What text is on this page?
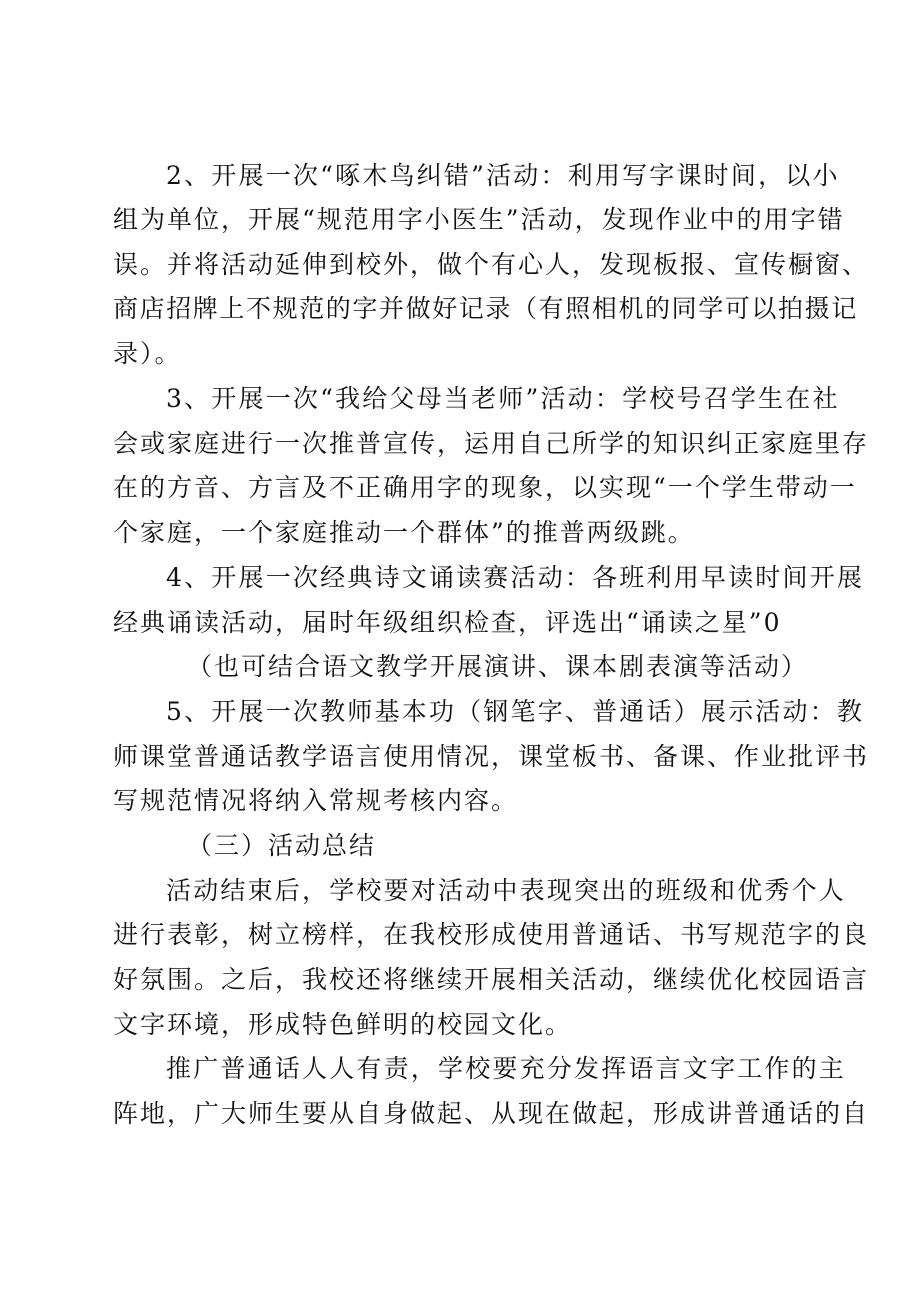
2、开展一次“啄木鸟纠错”活动：利用写字课时间，以小
组为单位，开展“规范用字小医生”活动，发现作业中的用字错
误。并将活动延伸到校外，做个有心人，发现板报、宣传橱窗、
商店招牌上不规范的字并做好记录（有照相机的同学可以拍摄记
录）。
3、开展一次“我给父母当老师”活动：学校号召学生在社
会或家庭进行一次推普宣传，运用自己所学的知识纠正家庭里存
在的方音、方言及不正确用字的现象，以实现“一个学生带动一
个家庭，一个家庭推动一个群体”的推普两级跳。
4、开展一次经典诗文诵读赛活动：各班利用早读时间开展
经典诵读活动，届时年级组织检查，评选出“诵读之星”0
（也可结合语文教学开展演讲、课本剧表演等活动）
5、开展一次教师基本功（钢笔字、普通话）展示活动：教
师课堂普通话教学语言使用情况，课堂板书、备课、作业批评书
写规范情况将纳入常规考核内容。
（三）活动总结
活动结束后，学校要对活动中表现突出的班级和优秀个人
进行表彰，树立榜样，在我校形成使用普通话、书写规范字的良
好氛围。之后，我校还将继续开展相关活动，继续优化校园语言
文字环境，形成特色鲜明的校园文化。
推广普通话人人有责，学校要充分发挥语言文字工作的主
阵地，广大师生要从自身做起、从现在做起，形成讲普通话的自
